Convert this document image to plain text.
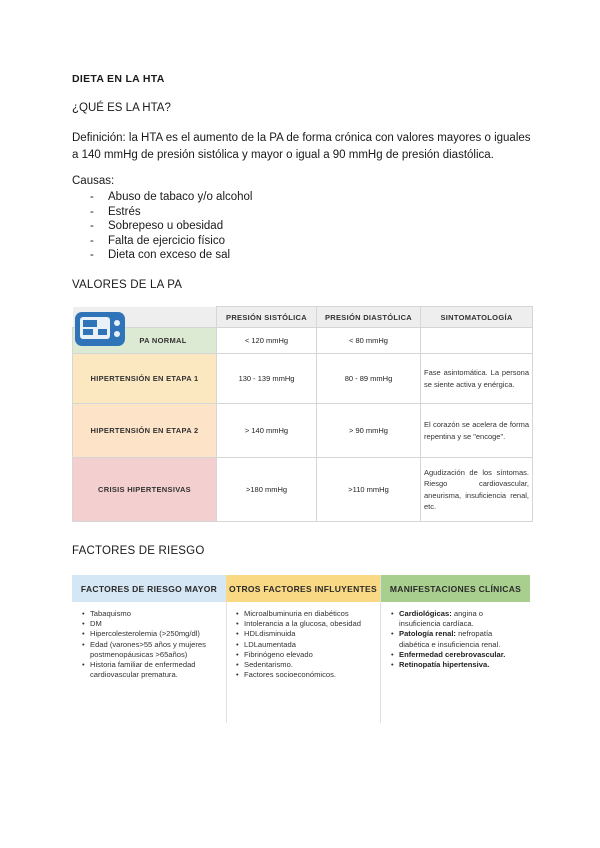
DIETA EN LA HTA
¿QUÉ ES LA HTA?
Definición: la HTA es el aumento de la PA de forma crónica con valores mayores o iguales a 140 mmHg de presión sistólica y mayor o igual a 90 mmHg de presión diastólica.
Causas:
- Abuso de tabaco y/o alcohol
- Estrés
- Sobrepeso u obesidad
- Falta de ejercicio físico
- Dieta con exceso de sal
VALORES DE LA PA
	PRESIÓN SISTÓLICA	PRESIÓN DIASTÓLICA	SINTOMATOLOGÍA
PA NORMAL	< 120 mmHg	< 80 mmHg	
HIPERTENSIÓN EN ETAPA 1	130 - 139 mmHg	80 - 89 mmHg	Fase asintomática. La persona se siente activa y enérgica.
HIPERTENSIÓN EN ETAPA 2	> 140 mmHg	> 90 mmHg	El corazón se acelera de forma repentina y se "encoge".
CRISIS HIPERTENSIVAS	>180 mmHg	>110 mmHg	Agudización de los síntomas. Riesgo cardiovascular, aneurisma, insuficiencia renal, etc.
FACTORES DE RIESGO
FACTORES DE RIESGO MAYOR
• Tabaquismo
• DM
• Hipercolesterolemia (>250mg/dl)
• Edad (varones>55 años y mujeres postmenopáusicas >65años)
• Historia familiar de enfermedad cardiovascular prematura.
OTROS FACTORES INFLUYENTES
• Microalbuminuria en diabéticos
• Intolerancia a la glucosa, obesidad
• HDLdisminuida
• LDLaumentada
• Fibrinógeno elevado
• Sedentarismo.
• Factores socioeconómicos.
MANIFESTACIONES CLÍNICAS
• Cardiológicas: angina o insuficiencia cardíaca.
• Patología renal: nefropatía diabética e insuficiencia renal.
• Enfermedad cerebrovascular.
• Retinopatía hipertensiva.
